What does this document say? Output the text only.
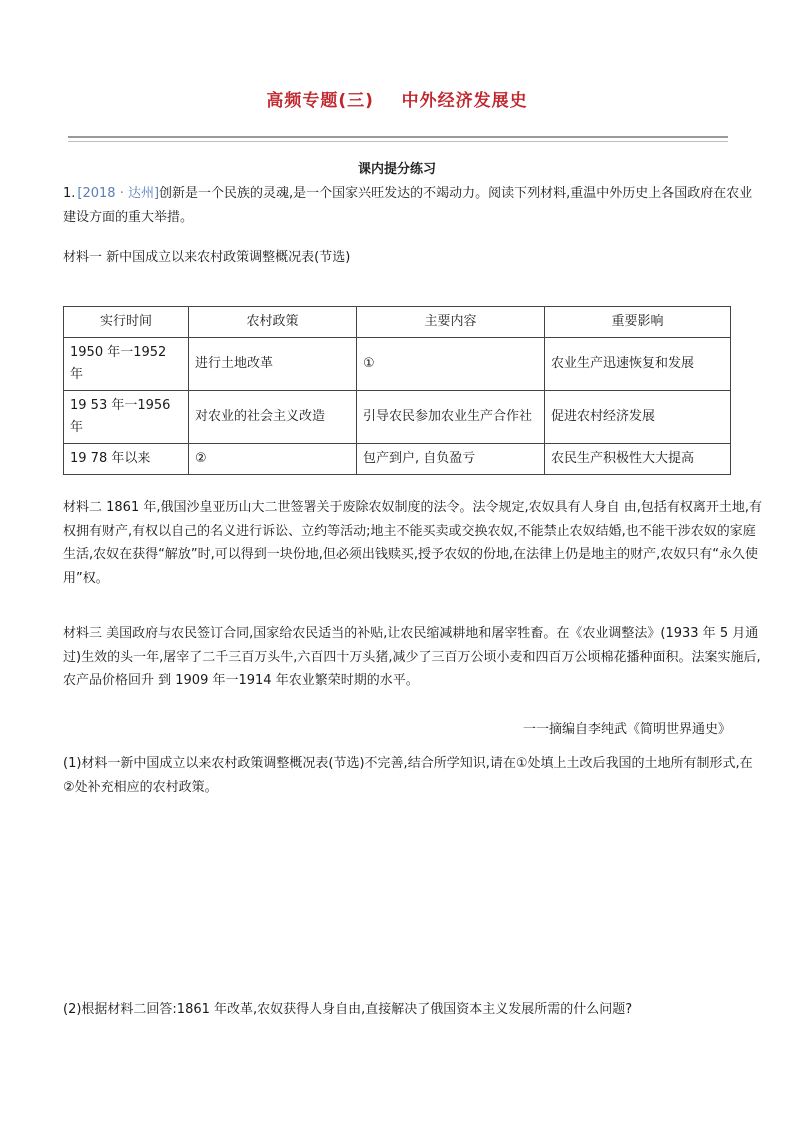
高频专题(三)    中外经济发展史
课内提分练习

1. [2018 · 达州]创新是一个民族的灵魂,是一个国家兴旺发达的不竭动力。阅读下列材料,重温中外历史上各国政府在农业建设方面的重大举措。

材料一 新中国成立以来农村政策调整概况表(节选)

实行时间	农村政策	主要内容	重要影响
1950 年一1952 年	进行土地改革	①	农业生产迅速恢复和发展
19 53 年一1956 年	对农业的社会主义改造	引导农民参加农业生产合作社	促进农村经济发展
19 78 年以来	②	包产到户, 自负盈亏	农民生产积极性大大提高

材料二 1861 年,俄国沙皇亚历山大二世签署关于废除农奴制度的法令。法令规定,农奴具有人身自 由,包括有权离开土地,有权拥有财产,有权以自己的名义进行诉讼、立约等活动;地主不能买卖或交换农奴,不能禁止农奴结婚,也不能干涉农奴的家庭生活,农奴在获得“解放”时,可以得到一块份地,但必须出钱赎买,授予农奴的份地,在法律上仍是地主的财产,农奴只有“永久使用”权。

材料三 美国政府与农民签订合同,国家给农民适当的补贴,让农民缩减耕地和屠宰牲畜。在《农业调整法》(1933 年 5 月通过)生效的头一年,屠宰了二千三百万头牛,六百四十万头猪,减少了三百万公顷小麦和四百万公顷棉花播种面积。法案实施后,农产品价格回升 到 1909 年一1914 年农业繁荣时期的水平。

一一摘编自李纯武《简明世界通史》

(1)材料一新中国成立以来农村政策调整概况表(节选)不完善,结合所学知识,请在①处填上土改后我国的土地所有制形式,在②处补充相应的农村政策。

(2)根据材料二回答:1861 年改革,农奴获得人身自由,直接解决了俄国资本主义发展所需的什么问题?
